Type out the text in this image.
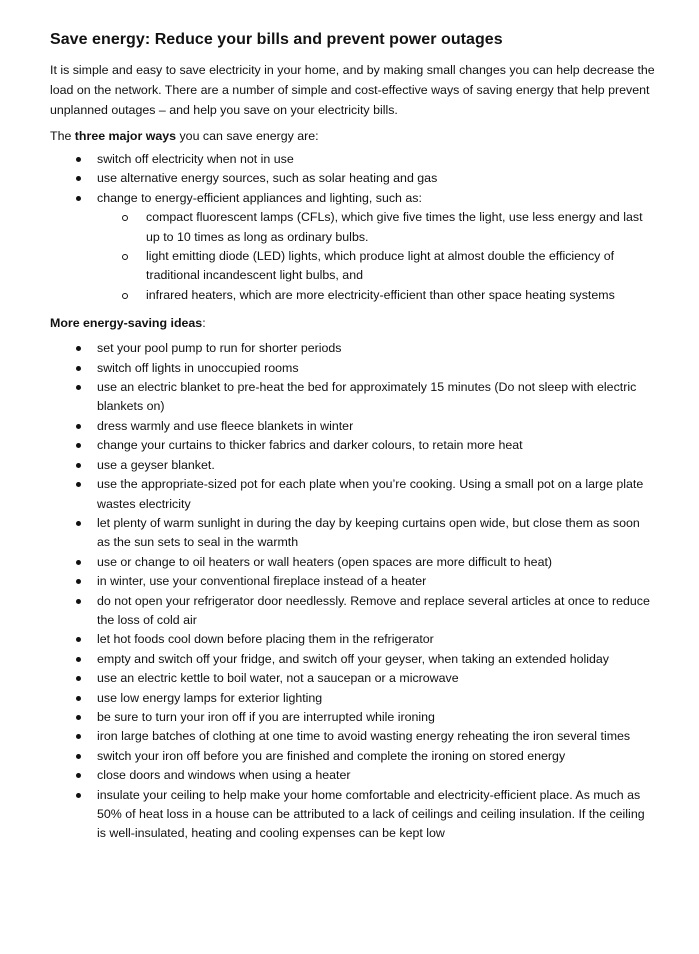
Save energy: Reduce your bills and prevent power outages

It is simple and easy to save electricity in your home, and by making small changes you can help decrease the load on the network. There are a number of simple and cost-effective ways of saving energy that help prevent unplanned outages – and help you save on your electricity bills.

The three major ways you can save energy are:

switch off electricity when not in use
use alternative energy sources, such as solar heating and gas
change to energy-efficient appliances and lighting, such as:
compact fluorescent lamps (CFLs), which give five times the light, use less energy and last up to 10 times as long as ordinary bulbs.
light emitting diode (LED) lights, which produce light at almost double the efficiency of traditional incandescent light bulbs, and
infrared heaters, which are more electricity-efficient than other space heating systems

More energy-saving ideas:

set your pool pump to run for shorter periods
switch off lights in unoccupied rooms
use an electric blanket to pre-heat the bed for approximately 15 minutes (Do not sleep with electric blankets on)
dress warmly and use fleece blankets in winter
change your curtains to thicker fabrics and darker colours, to retain more heat
use a geyser blanket.
use the appropriate-sized pot for each plate when you’re cooking. Using a small pot on a large plate wastes electricity
let plenty of warm sunlight in during the day by keeping curtains open wide, but close them as soon as the sun sets to seal in the warmth
use or change to oil heaters or wall heaters (open spaces are more difficult to heat)
in winter, use your conventional fireplace instead of a heater
do not open your refrigerator door needlessly. Remove and replace several articles at once to reduce the loss of cold air
let hot foods cool down before placing them in the refrigerator
empty and switch off your fridge, and switch off your geyser, when taking an extended holiday
use an electric kettle to boil water, not a saucepan or a microwave
use low energy lamps for exterior lighting
be sure to turn your iron off if you are interrupted while ironing
iron large batches of clothing at one time to avoid wasting energy reheating the iron several times
switch your iron off before you are finished and complete the ironing on stored energy
close doors and windows when using a heater
insulate your ceiling to help make your home comfortable and electricity-efficient place. As much as 50% of heat loss in a house can be attributed to a lack of ceilings and ceiling insulation. If the ceiling is well-insulated, heating and cooling expenses can be kept low
